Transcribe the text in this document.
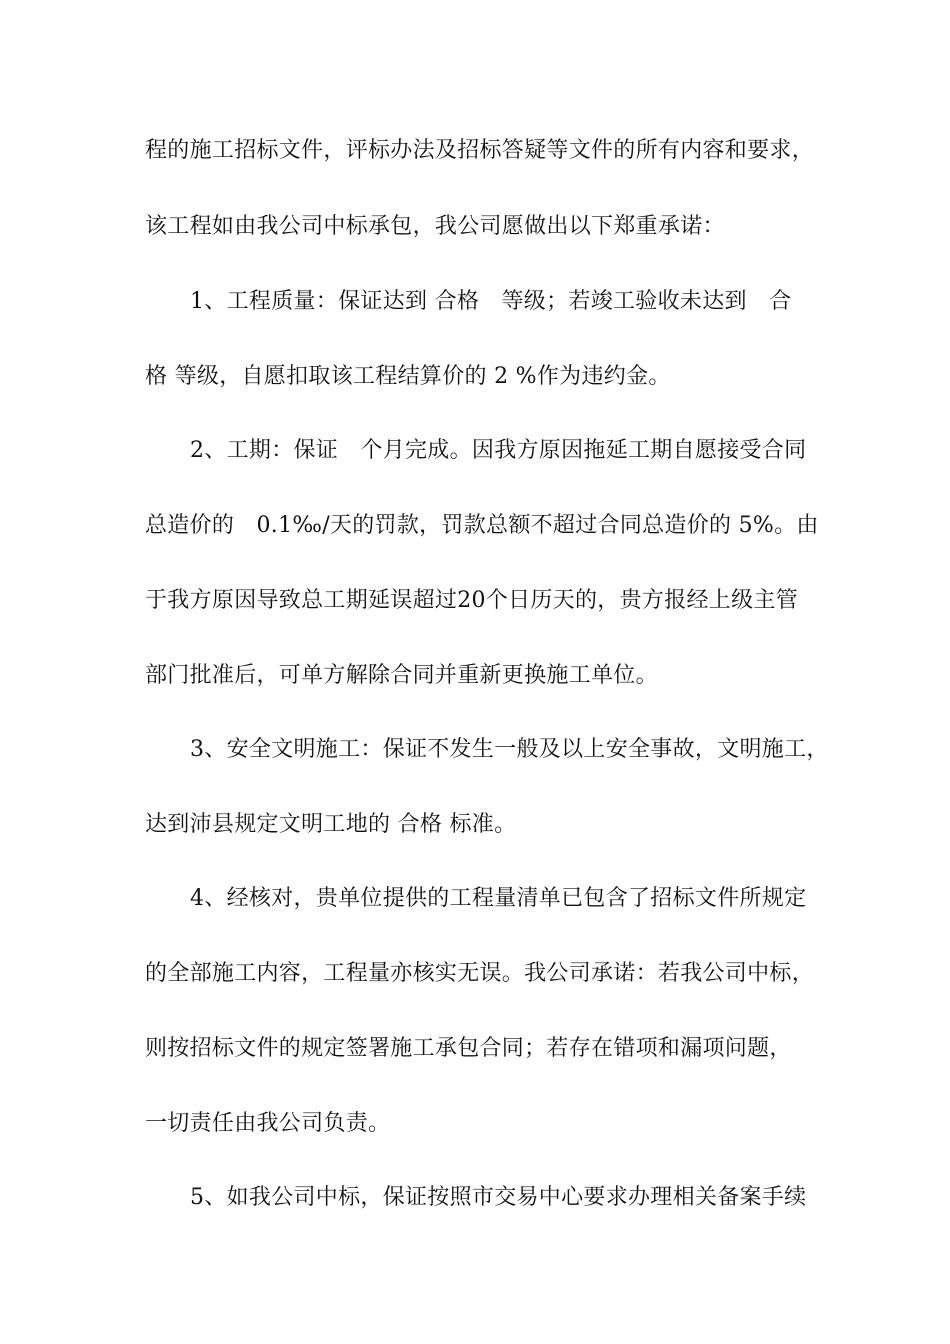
程的施工招标文件，评标办法及招标答疑等文件的所有内容和要求，
该工程如由我公司中标承包，我公司愿做出以下郑重承诺：
1、工程质量：保证达到 合格　等级；若竣工验收未达到　合
格 等级，自愿扣取该工程结算价的 2 %作为违约金。
2、工期：保证　个月完成。因我方原因拖延工期自愿接受合同
总造价的　0.1‰/天的罚款，罚款总额不超过合同总造价的 5%。由
于我方原因导致总工期延误超过20个日历天的，贵方报经上级主管
部门批准后，可单方解除合同并重新更换施工单位。
3、安全文明施工：保证不发生一般及以上安全事故，文明施工，
达到沛县规定文明工地的 合格 标准。
4、经核对，贵单位提供的工程量清单已包含了招标文件所规定
的全部施工内容，工程量亦核实无误。我公司承诺：若我公司中标，
则按招标文件的规定签署施工承包合同；若存在错项和漏项问题，
一切责任由我公司负责。
5、如我公司中标，保证按照市交易中心要求办理相关备案手续
